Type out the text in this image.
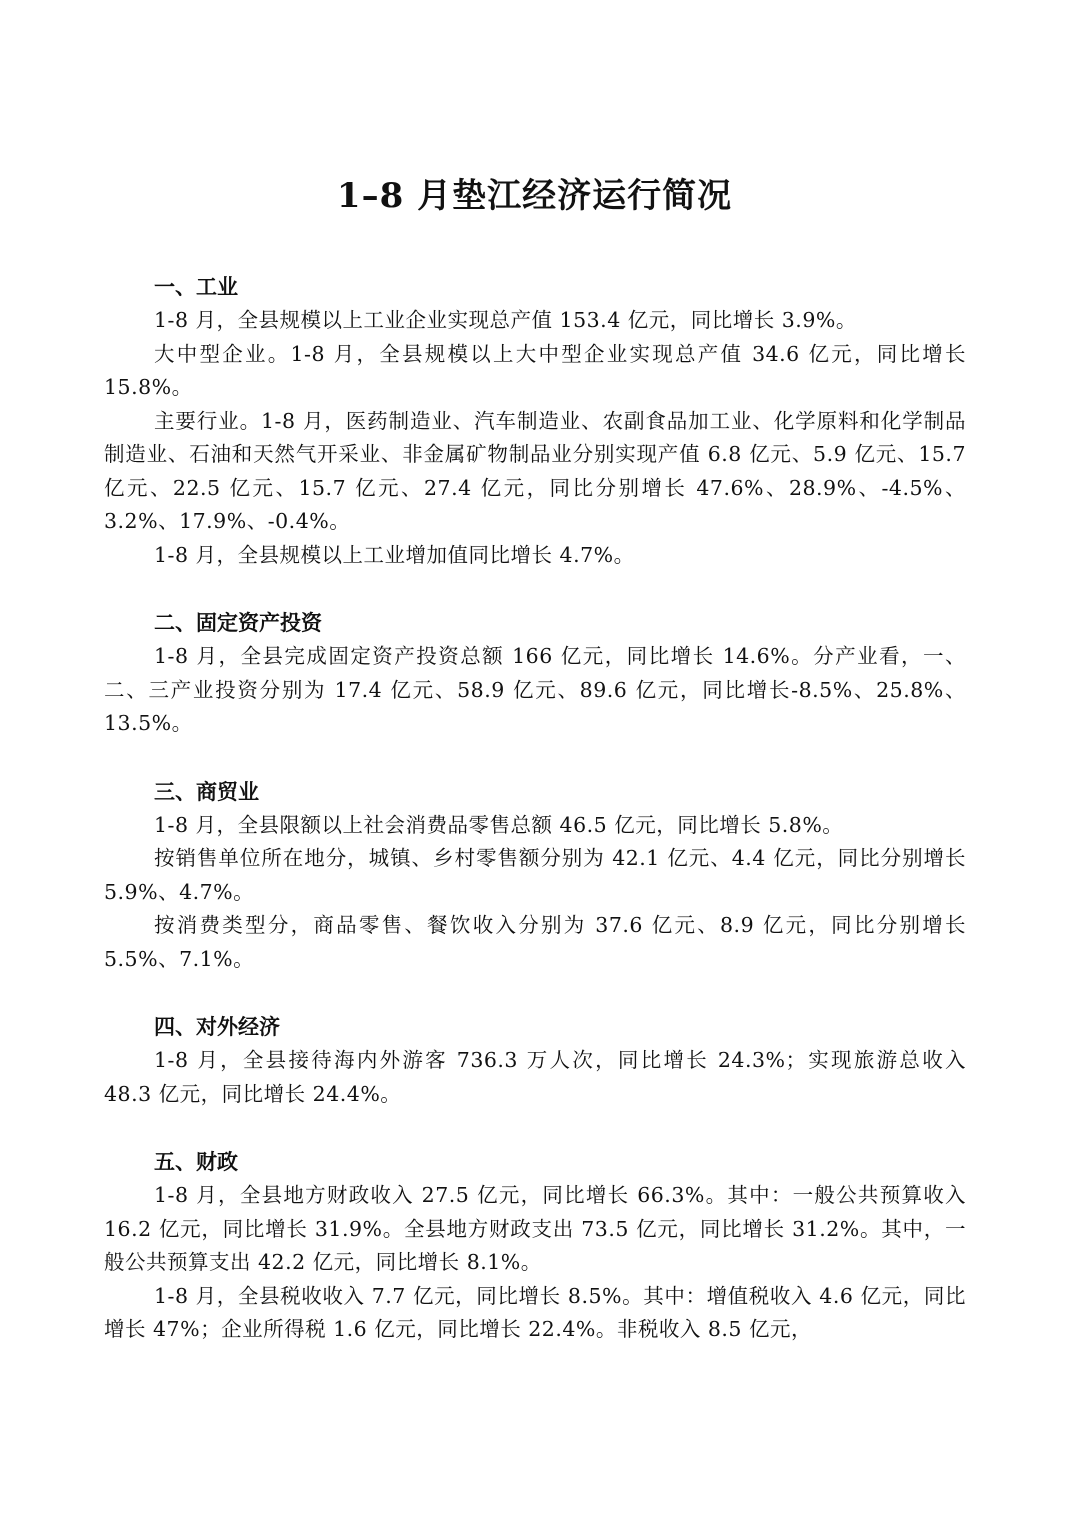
1–8 月垫江经济运行简况

一、工业

1-8 月，全县规模以上工业企业实现总产值 153.4 亿元，同比增长 3.9%。

大中型企业。1-8 月，全县规模以上大中型企业实现总产值 34.6 亿元，同比增长 15.8%。

主要行业。1-8 月，医药制造业、汽车制造业、农副食品加工业、化学原料和化学制品制造业、石油和天然气开采业、非金属矿物制品业分别实现产值 6.8 亿元、5.9 亿元、15.7 亿元、22.5 亿元、15.7 亿元、27.4 亿元，同比分别增长 47.6%、28.9%、-4.5%、3.2%、17.9%、-0.4%。

1-8 月，全县规模以上工业增加值同比增长 4.7%。

二、固定资产投资

1-8 月，全县完成固定资产投资总额 166 亿元，同比增长 14.6%。分产业看，一、二、三产业投资分别为 17.4 亿元、58.9 亿元、89.6 亿元，同比增长-8.5%、25.8%、13.5%。

三、商贸业

1-8 月，全县限额以上社会消费品零售总额 46.5 亿元，同比增长 5.8%。

按销售单位所在地分，城镇、乡村零售额分别为 42.1 亿元、4.4 亿元，同比分别增长 5.9%、4.7%。

按消费类型分，商品零售、餐饮收入分别为 37.6 亿元、8.9 亿元，同比分别增长 5.5%、7.1%。

四、对外经济

1-8 月，全县接待海内外游客 736.3 万人次，同比增长 24.3%；实现旅游总收入 48.3 亿元，同比增长 24.4%。

五、财政

1-8 月，全县地方财政收入 27.5 亿元，同比增长 66.3%。其中：一般公共预算收入 16.2 亿元，同比增长 31.9%。全县地方财政支出 73.5 亿元，同比增长 31.2%。其中，一般公共预算支出 42.2 亿元，同比增长 8.1%。

1-8 月，全县税收收入 7.7 亿元，同比增长 8.5%。其中：增值税收入 4.6 亿元，同比增长 47%；企业所得税 1.6 亿元，同比增长 22.4%。非税收入 8.5 亿元，
